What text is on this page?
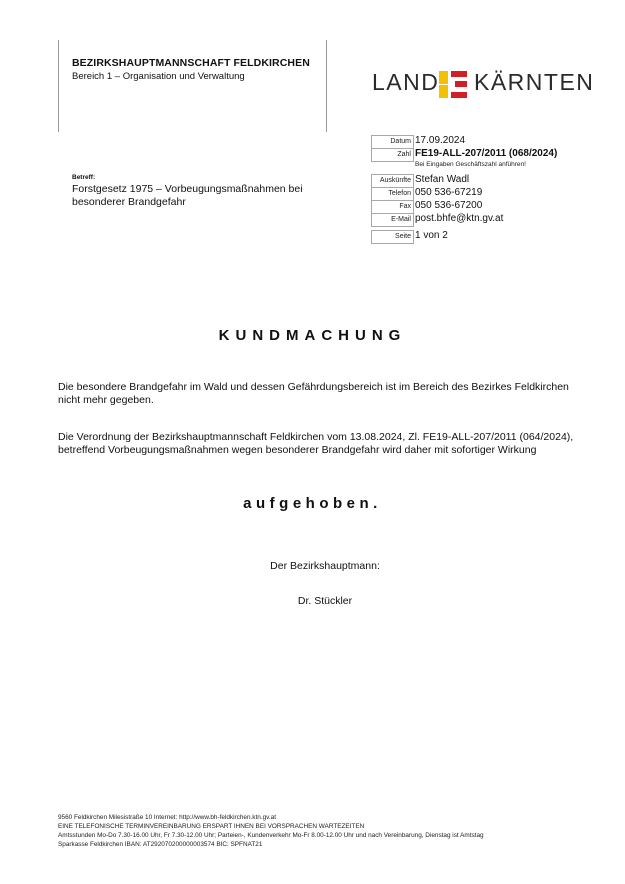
BEZIRKSHAUPTMANNSCHAFT FELDKIRCHEN
Bereich 1 – Organisation und Verwaltung	LAND KÄRNTEN
Datum 17.09.2024
Zahl FE19-ALL-207/2011 (068/2024)
Bei Eingaben Geschäftszahl anführen!
Auskünfte Stefan Wadl
Telefon 050 536-67219
Fax 050 536-67200
E-Mail post.bhfe@ktn.gv.at
Seite 1 von 2
Betreff:
Forstgesetz 1975 – Vorbeugungsmaßnahmen bei besonderer Brandgefahr
KUNDMACHUNG
Die besondere Brandgefahr im Wald und dessen Gefährdungsbereich ist im Bereich des Bezirkes Feldkirchen nicht mehr gegeben.
Die Verordnung der Bezirkshauptmannschaft Feldkirchen vom 13.08.2024, Zl. FE19-ALL-207/2011 (064/2024), betreffend Vorbeugungsmaßnahmen wegen besonderer Brandgefahr wird daher mit sofortiger Wirkung
aufgehoben.
Der Bezirkshauptmann:
Dr. Stückler
9560 Feldkirchen Milesistraße 10 Internet: http://www.bh-feldkirchen.ktn.gv.at
EINE TELEFONISCHE TERMINVEREINBARUNG ERSPART IHNEN BEI VORSPRACHEN WARTEZEITEN
Amtsstunden Mo-Do 7.30-16.00 Uhr, Fr 7.30-12.00 Uhr; Parteien-, Kundenverkehr Mo-Fr 8.00-12.00 Uhr und nach Vereinbarung, Dienstag ist Amtstag
Sparkasse Feldkirchen IBAN: AT292070200000003574 BIC: SPFNAT21
